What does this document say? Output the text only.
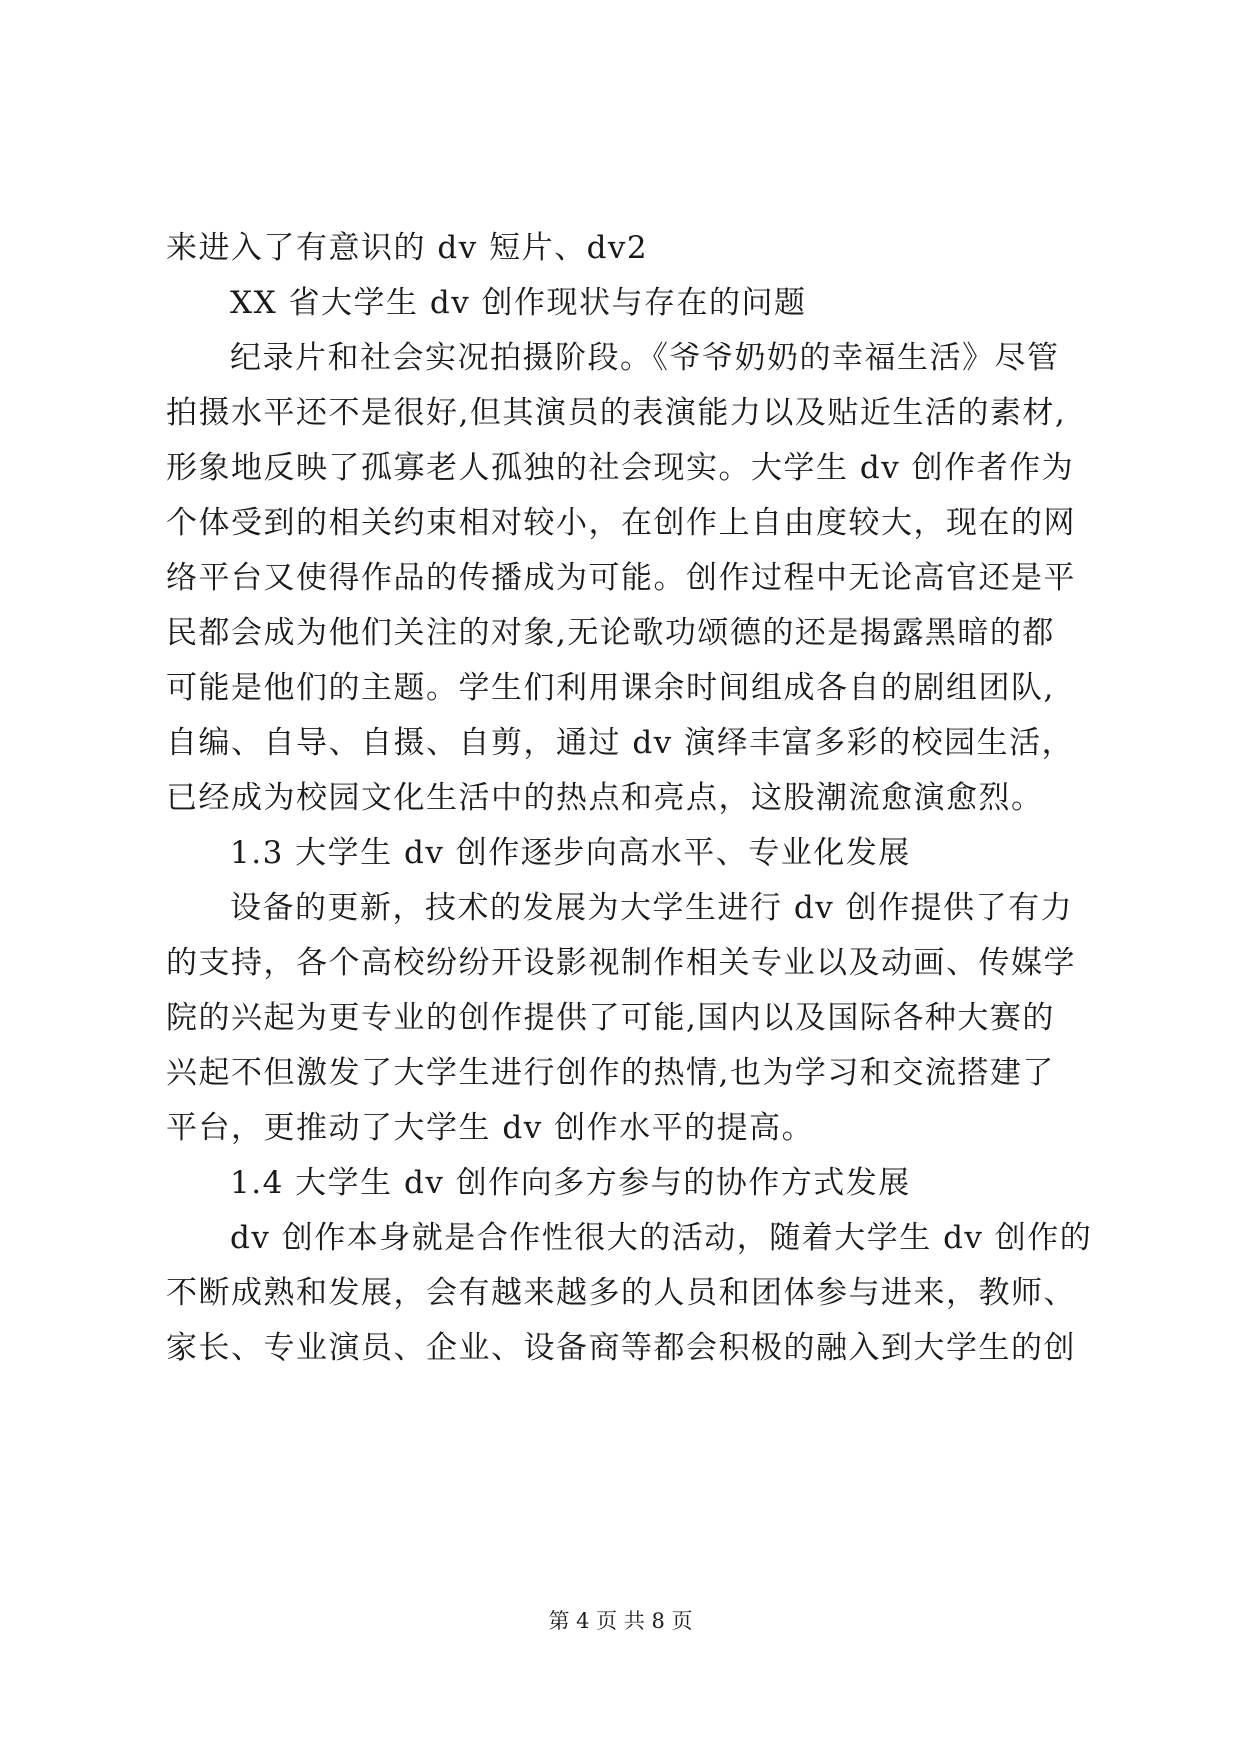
来进入了有意识的 dv 短片、dv2
XX 省大学生 dv 创作现状与存在的问题
纪录片和社会实况拍摄阶段。《爷爷奶奶的幸福生活》尽管
拍摄水平还不是很好,但其演员的表演能力以及贴近生活的素材,
形象地反映了孤寡老人孤独的社会现实。大学生 dv 创作者作为
个体受到的相关约束相对较小，在创作上自由度较大，现在的网
络平台又使得作品的传播成为可能。创作过程中无论高官还是平
民都会成为他们关注的对象,无论歌功颂德的还是揭露黑暗的都
可能是他们的主题。学生们利用课余时间组成各自的剧组团队,
自编、自导、自摄、自剪，通过 dv 演绎丰富多彩的校园生活，
已经成为校园文化生活中的热点和亮点，这股潮流愈演愈烈。
1.3 大学生 dv 创作逐步向高水平、专业化发展
设备的更新，技术的发展为大学生进行 dv 创作提供了有力
的支持，各个高校纷纷开设影视制作相关专业以及动画、传媒学
院的兴起为更专业的创作提供了可能,国内以及国际各种大赛的
兴起不但激发了大学生进行创作的热情,也为学习和交流搭建了
平台，更推动了大学生 dv 创作水平的提高。
1.4 大学生 dv 创作向多方参与的协作方式发展
dv 创作本身就是合作性很大的活动，随着大学生 dv 创作的
不断成熟和发展，会有越来越多的人员和团体参与进来，教师、
家长、专业演员、企业、设备商等都会积极的融入到大学生的创
第 4 页 共 8 页
